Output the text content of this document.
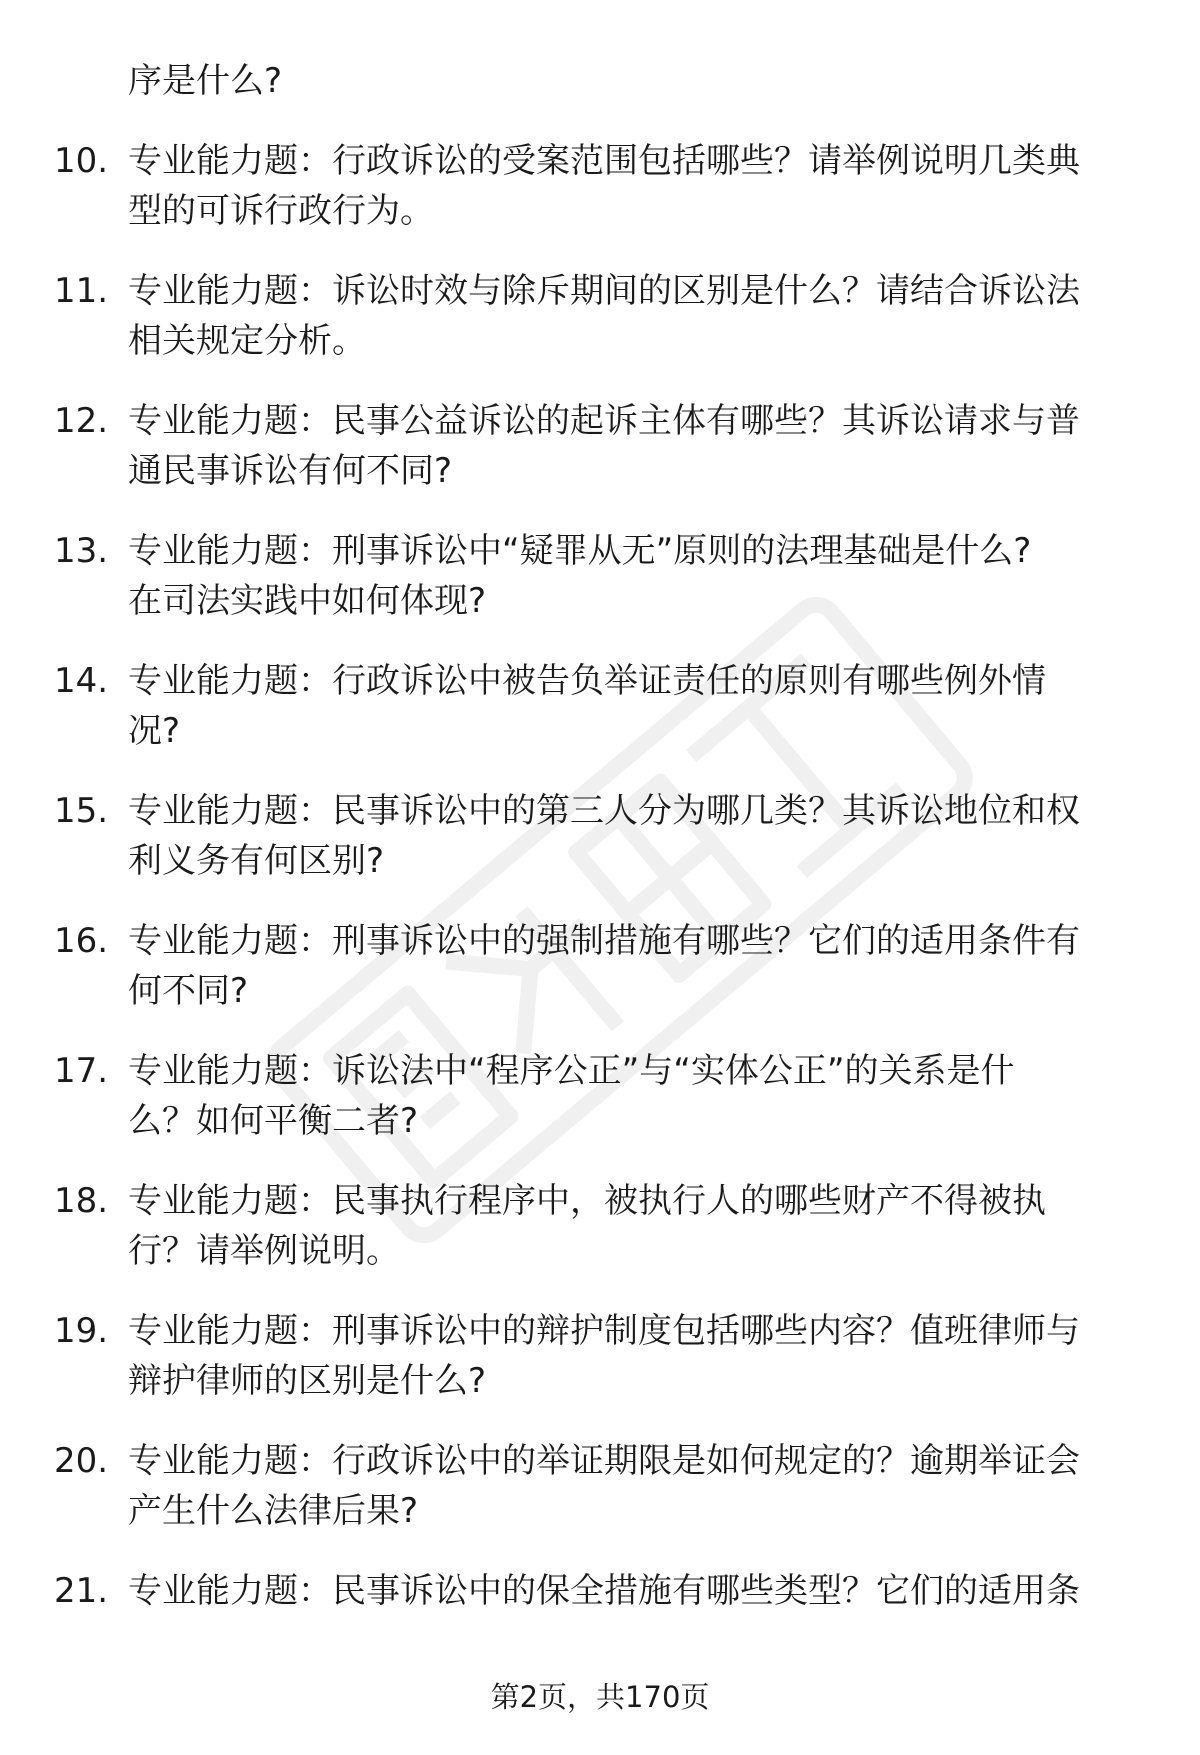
序是什么?
10. 专业能力题：行政诉讼的受案范围包括哪些？请举例说明几类典
型的可诉行政行为。
11. 专业能力题：诉讼时效与除斥期间的区别是什么？请结合诉讼法
相关规定分析。
12. 专业能力题：民事公益诉讼的起诉主体有哪些？其诉讼请求与普
通民事诉讼有何不同?
13. 专业能力题：刑事诉讼中“疑罪从无”原则的法理基础是什么?
在司法实践中如何体现?
14. 专业能力题：行政诉讼中被告负举证责任的原则有哪些例外情
况?
15. 专业能力题：民事诉讼中的第三人分为哪几类？其诉讼地位和权
利义务有何区别?
16. 专业能力题：刑事诉讼中的强制措施有哪些？它们的适用条件有
何不同?
17. 专业能力题：诉讼法中“程序公正”与“实体公正”的关系是什
么？如何平衡二者?
18. 专业能力题：民事执行程序中，被执行人的哪些财产不得被执
行？请举例说明。
19. 专业能力题：刑事诉讼中的辩护制度包括哪些内容？值班律师与
辩护律师的区别是什么?
20. 专业能力题：行政诉讼中的举证期限是如何规定的？逾期举证会
产生什么法律后果?
21. 专业能力题：民事诉讼中的保全措施有哪些类型？它们的适用条
第2页，共170页
